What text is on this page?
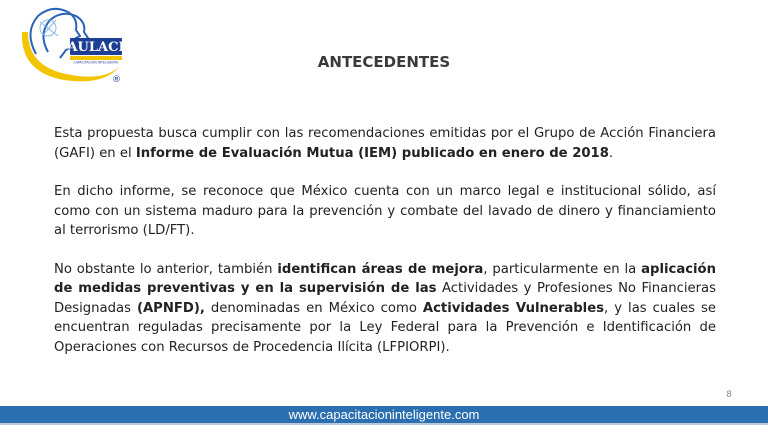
AULACI
CAPACITACIÓN INTELIGENTE
®
ANTECEDENTES

Esta propuesta busca cumplir con las recomendaciones emitidas por el Grupo de Acción Financiera (GAFI) en el Informe de Evaluación Mutua (IEM) publicado en enero de 2018.

En dicho informe, se reconoce que México cuenta con un marco legal e institucional sólido, así como con un sistema maduro para la prevención y combate del lavado de dinero y financiamiento al terrorismo (LD/FT).

No obstante lo anterior, también identifican áreas de mejora, particularmente en la aplicación de medidas preventivas y en la supervisión de las Actividades y Profesiones No Financieras Designadas (APNFD), denominadas en México como Actividades Vulnerables, y las cuales se encuentran reguladas precisamente por la Ley Federal para la Prevención e Identificación de Operaciones con Recursos de Procedencia Ilícita (LFPIORPI).

8
www.capacitacioninteligente.com
